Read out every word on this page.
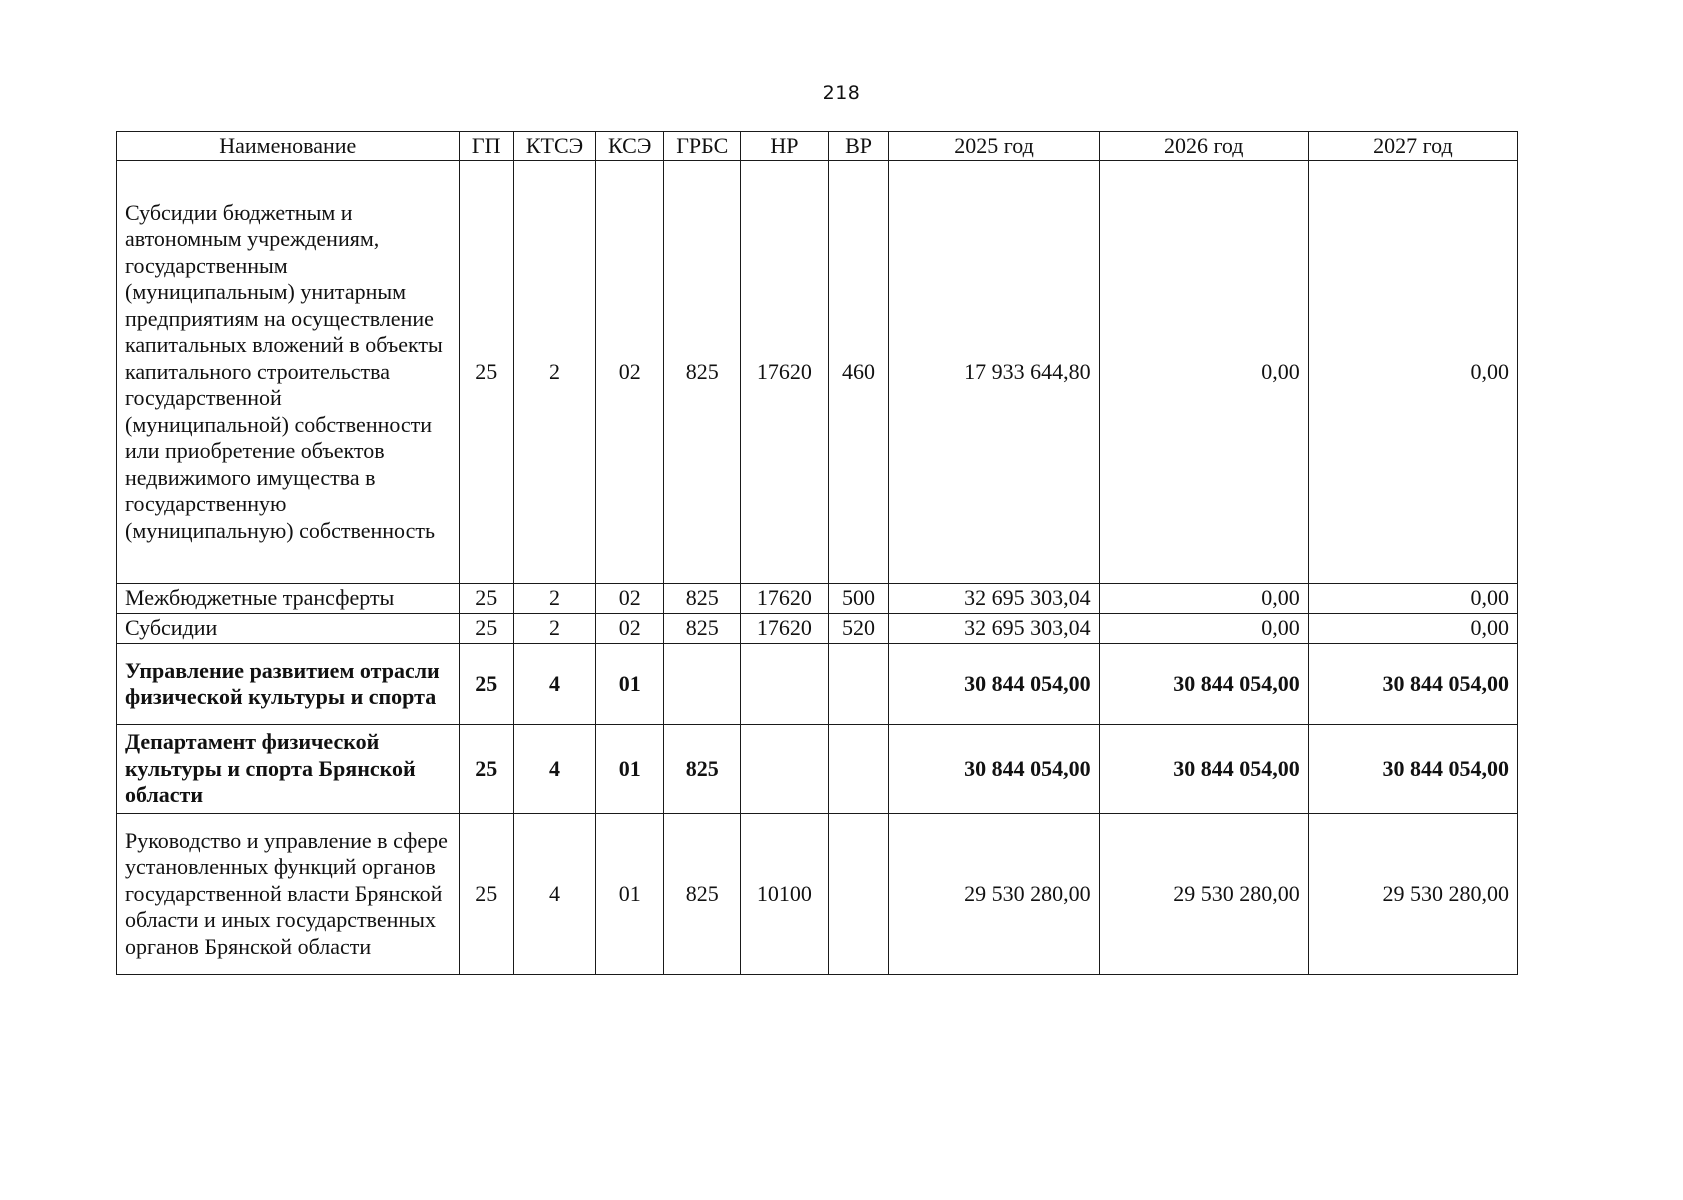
218
Наименование	ГП	КТСЭ	КСЭ	ГРБС	НР	ВР	2025 год	2026 год	2027 год
Субсидии бюджетным и автономным учреждениям, государственным (муниципальным) унитарным предприятиям на осуществление капитальных вложений в объекты капитального строительства государственной (муниципальной) собственности или приобретение объектов недвижимого имущества в государственную (муниципальную) собственность	25	2	02	825	17620	460	17 933 644,80	0,00	0,00
Межбюджетные трансферты	25	2	02	825	17620	500	32 695 303,04	0,00	0,00
Субсидии	25	2	02	825	17620	520	32 695 303,04	0,00	0,00
Управление развитием отрасли физической культуры и спорта	25	4	01				30 844 054,00	30 844 054,00	30 844 054,00
Департамент физической культуры и спорта Брянской области	25	4	01	825			30 844 054,00	30 844 054,00	30 844 054,00
Руководство и управление в сфере установленных функций органов государственной власти Брянской области и иных государственных органов Брянской области	25	4	01	825	10100		29 530 280,00	29 530 280,00	29 530 280,00
